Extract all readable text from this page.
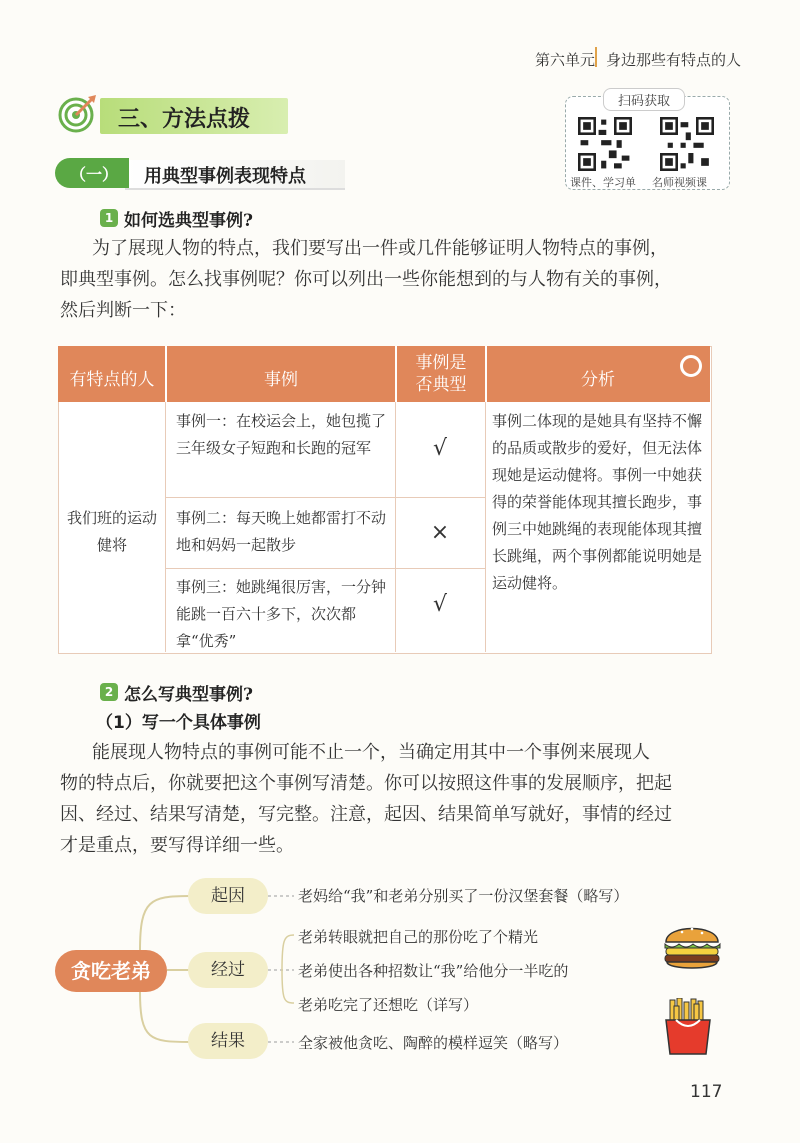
第六单元 身边那些有特点的人
三、方法点拨
扫码获取
课件、学习单 名师视频课
（一） 用典型事例表现特点
1 如何选典型事例?
为了展现人物的特点，我们要写出一件或几件能够证明人物特点的事例，
即典型事例。怎么找事例呢？你可以列出一些你能想到的与人物有关的事例，
然后判断一下：
有特点的人	事例
事例是
否典型	分析
我们班的运动健将
事例一：在校运会上，她包揽了三年级女子短跑和长跑的冠军
事例二：每天晚上她都雷打不动地和妈妈一起散步
事例三：她跳绳很厉害，一分钟能跳一百六十多下，次次都拿“优秀”
√
×
√
事例二体现的是她具有坚持不懈的品质或散步的爱好，但无法体现她是运动健将。事例一中她获得的荣誉能体现其擅长跑步，事例三中她跳绳的表现能体现其擅长跳绳，两个事例都能说明她是运动健将。
2 怎么写典型事例?
（1）写一个具体事例
能展现人物特点的事例可能不止一个，当确定用其中一个事例来展现人
物的特点后，你就要把这个事例写清楚。你可以按照这件事的发展顺序，把起
因、经过、结果写清楚，写完整。注意，起因、结果简单写就好，事情的经过
才是重点，要写得详细一些。
贪吃老弟
起因
经过
结果
老妈给“我”和老弟分别买了一份汉堡套餐（略写）
老弟转眼就把自己的那份吃了个精光
老弟使出各种招数让“我”给他分一半吃的
老弟吃完了还想吃（详写）
全家被他贪吃、陶醉的模样逗笑（略写）
117
